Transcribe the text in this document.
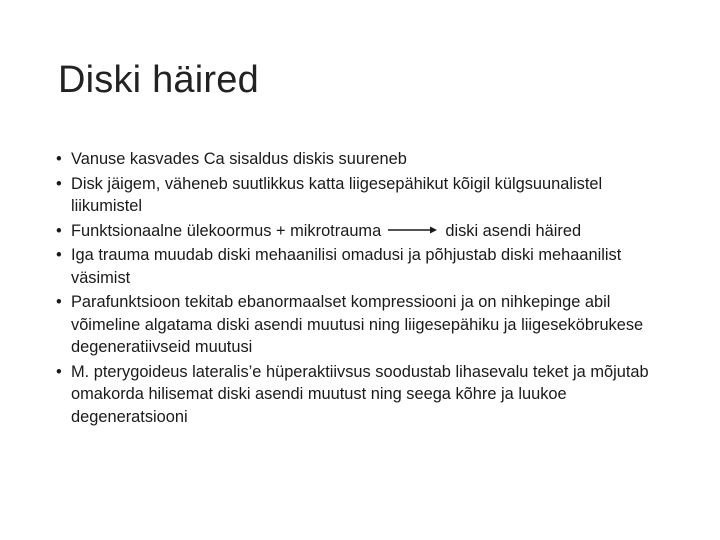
Diski häired
• Vanuse kasvades Ca sisaldus diskis suureneb
• Disk jäigem, väheneb suutlikkus katta liigesepähikut kõigil külgsuunalistel liikumistel
• Funktsionaalne ülekoormus + mikrotrauma	diski asendi häired
• Iga trauma muudab diski mehaanilisi omadusi ja põhjustab diski mehaanilist väsimist
• Parafunktsioon tekitab ebanormaalset kompressiooni ja on nihkepinge abil võimeline algatama diski asendi muutusi ning liigesepähiku ja liigeseköbrukese degeneratiivseid muutusi
• M. pterygoideus lateralis’e hüperaktiivsus soodustab lihasevalu teket ja mõjutab omakorda hilisemat diski asendi muutust ning seega kõhre ja luukoe degeneratsiooni
